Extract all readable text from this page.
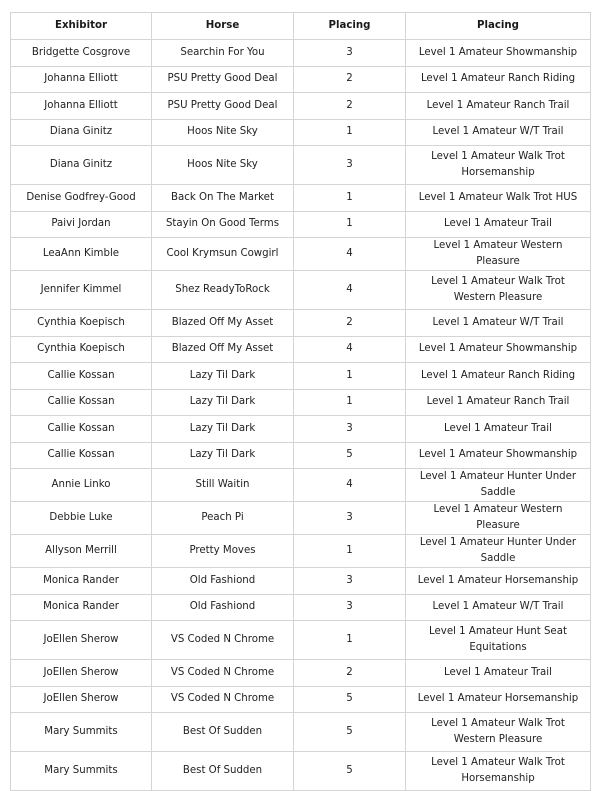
Exhibitor	Horse	Placing	Placing
Bridgette Cosgrove	Searchin For You	3	Level 1 Amateur Showmanship
Johanna Elliott	PSU Pretty Good Deal	2	Level 1 Amateur Ranch Riding
Johanna Elliott	PSU Pretty Good Deal	2	Level 1 Amateur Ranch Trail
Diana Ginitz	Hoos Nite Sky	1	Level 1 Amateur W/T Trail
Diana Ginitz	Hoos Nite Sky	3	Level 1 Amateur Walk Trot Horsemanship
Denise Godfrey-Good	Back On The Market	1	Level 1 Amateur Walk Trot HUS
Paivi Jordan	Stayin On Good Terms	1	Level 1 Amateur Trail
LeaAnn Kimble	Cool Krymsun Cowgirl	4	Level 1 Amateur Western Pleasure
Jennifer Kimmel	Shez ReadyToRock	4	Level 1 Amateur Walk Trot Western Pleasure
Cynthia Koepisch	Blazed Off My Asset	2	Level 1 Amateur W/T Trail
Cynthia Koepisch	Blazed Off My Asset	4	Level 1 Amateur Showmanship
Callie Kossan	Lazy Til Dark	1	Level 1 Amateur Ranch Riding
Callie Kossan	Lazy Til Dark	1	Level 1 Amateur Ranch Trail
Callie Kossan	Lazy Til Dark	3	Level 1 Amateur Trail
Callie Kossan	Lazy Til Dark	5	Level 1 Amateur Showmanship
Annie Linko	Still Waitin	4	Level 1 Amateur Hunter Under Saddle
Debbie Luke	Peach Pi	3	Level 1 Amateur Western Pleasure
Allyson Merrill	Pretty Moves	1	Level 1 Amateur Hunter Under Saddle
Monica Rander	Old Fashiond	3	Level 1 Amateur Horsemanship
Monica Rander	Old Fashiond	3	Level 1 Amateur W/T Trail
JoEllen Sherow	VS Coded N Chrome	1	Level 1 Amateur Hunt Seat Equitations
JoEllen Sherow	VS Coded N Chrome	2	Level 1 Amateur Trail
JoEllen Sherow	VS Coded N Chrome	5	Level 1 Amateur Horsemanship
Mary Summits	Best Of Sudden	5	Level 1 Amateur Walk Trot Western Pleasure
Mary Summits	Best Of Sudden	5	Level 1 Amateur Walk Trot Horsemanship
